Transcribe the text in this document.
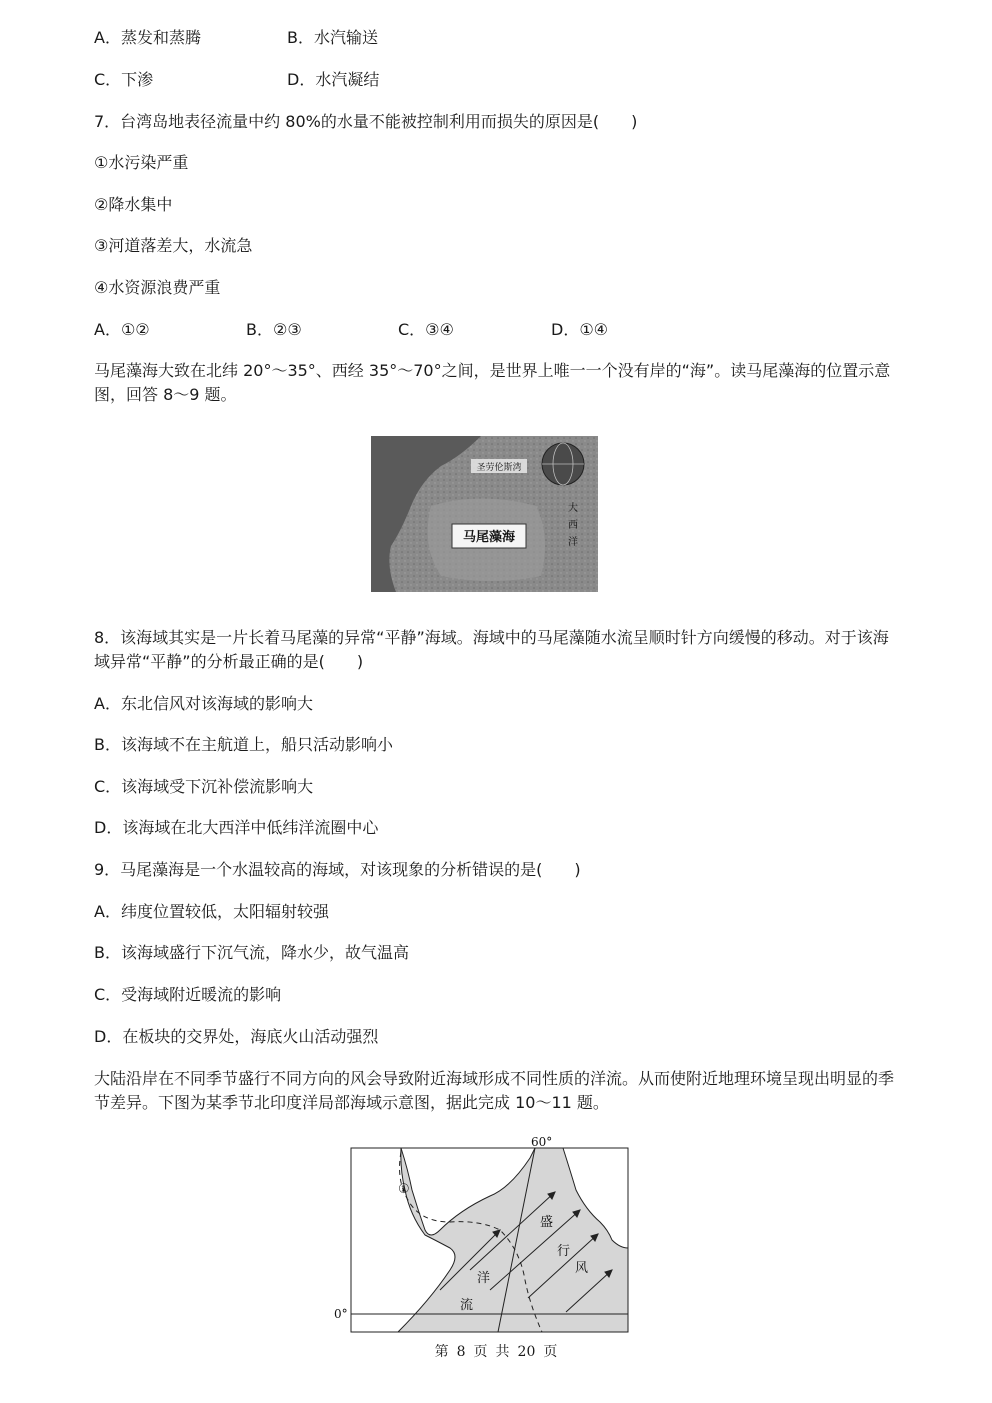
A．蒸发和蒸腾	B．水汽输送
C．下渗	D．水汽凝结
7．台湾岛地表径流量中约 80%的水量不能被控制利用而损失的原因是(　　)
①水污染严重
②降水集中
③河道落差大，水流急
④水资源浪费严重
A．①②	B．②③	C．③④	D．①④
马尾藻海大致在北纬 20°～35°、西经 35°～70°之间，是世界上唯一一个没有岸的“海”。读马尾藻海的位置示意图，回答 8～9 题。
圣劳伦斯湾
马尾藻海
大
西
洋
8．该海域其实是一片长着马尾藻的异常“平静”海域。海域中的马尾藻随水流呈顺时针方向缓慢的移动。对于该海域异常“平静”的分析最正确的是(　　)
A．东北信风对该海域的影响大
B．该海域不在主航道上，船只活动影响小
C．该海域受下沉补偿流影响大
D．该海域在北大西洋中低纬洋流圈中心
9．马尾藻海是一个水温较高的海域，对该现象的分析错误的是(　　)
A．纬度位置较低，太阳辐射较强
B．该海域盛行下沉气流，降水少，故气温高
C．受海域附近暖流的影响
D．在板块的交界处，海底火山活动强烈
大陆沿岸在不同季节盛行不同方向的风会导致附近海域形成不同性质的洋流。从而使附近地理环境呈现出明显的季节差异。下图为某季节北印度洋局部海域示意图，据此完成 10～11 题。
60°
0°
①
盛
行
风
洋
流
第 8 页 共 20 页
